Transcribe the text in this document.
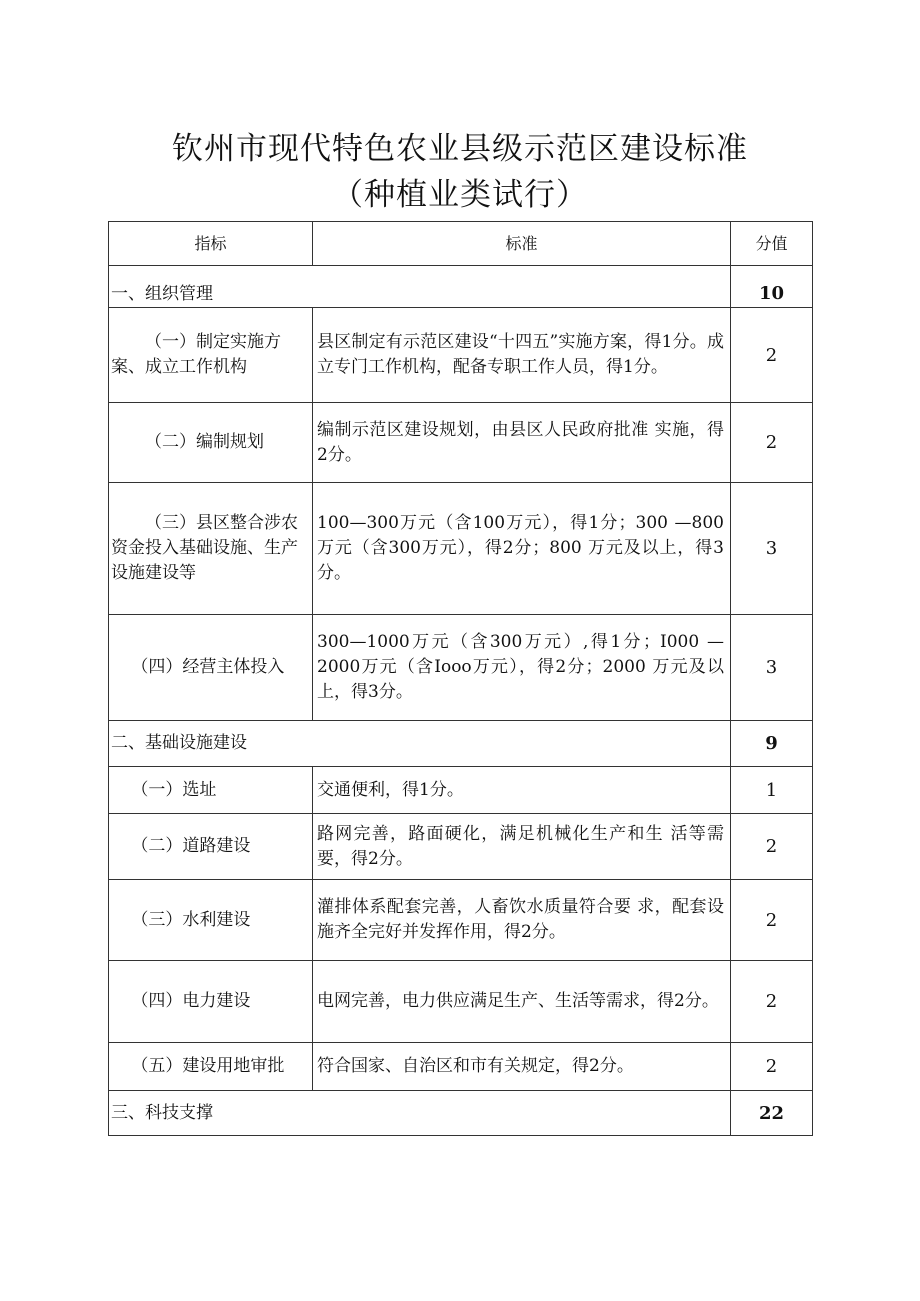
钦州市现代特色农业县级示范区建设标准
（种植业类试行）
指标	标准	分值
一、组织管理		10
（一）制定实施方案、成立工作机构	县区制定有示范区建设“十四五”实施方案，得1分。成立专门工作机构，配备专职工作人员，得1分。	2
（二）编制规划	编制示范区建设规划，由县区人民政府批准 实施，得2分。	2
（三）县区整合涉农资金投入基础设施、生产设施建设等	100—300万元（含100万元），得1分；300 —800万元（含300万元），得2分；800 万元及以上，得3分。	3
（四）经营主体投入	300—1000万元（含300万元）,得1分；I000 —2000万元（含Iooo万元），得2分；2000 万元及以上，得3分。	3
二、基础设施建设		9
（一）选址	交通便利，得1分。	1
（二）道路建设	路网完善，路面硬化，满足机械化生产和生 活等需要，得2分。	2
（三）水利建设	灌排体系配套完善，人畜饮水质量符合要 求，配套设施齐全完好并发挥作用，得2分。	2
（四）电力建设	电网完善，电力供应满足生产、生活等需求，得2分。	2
（五）建设用地审批	符合国家、自治区和市有关规定，得2分。	2
三、科技支撑		22
